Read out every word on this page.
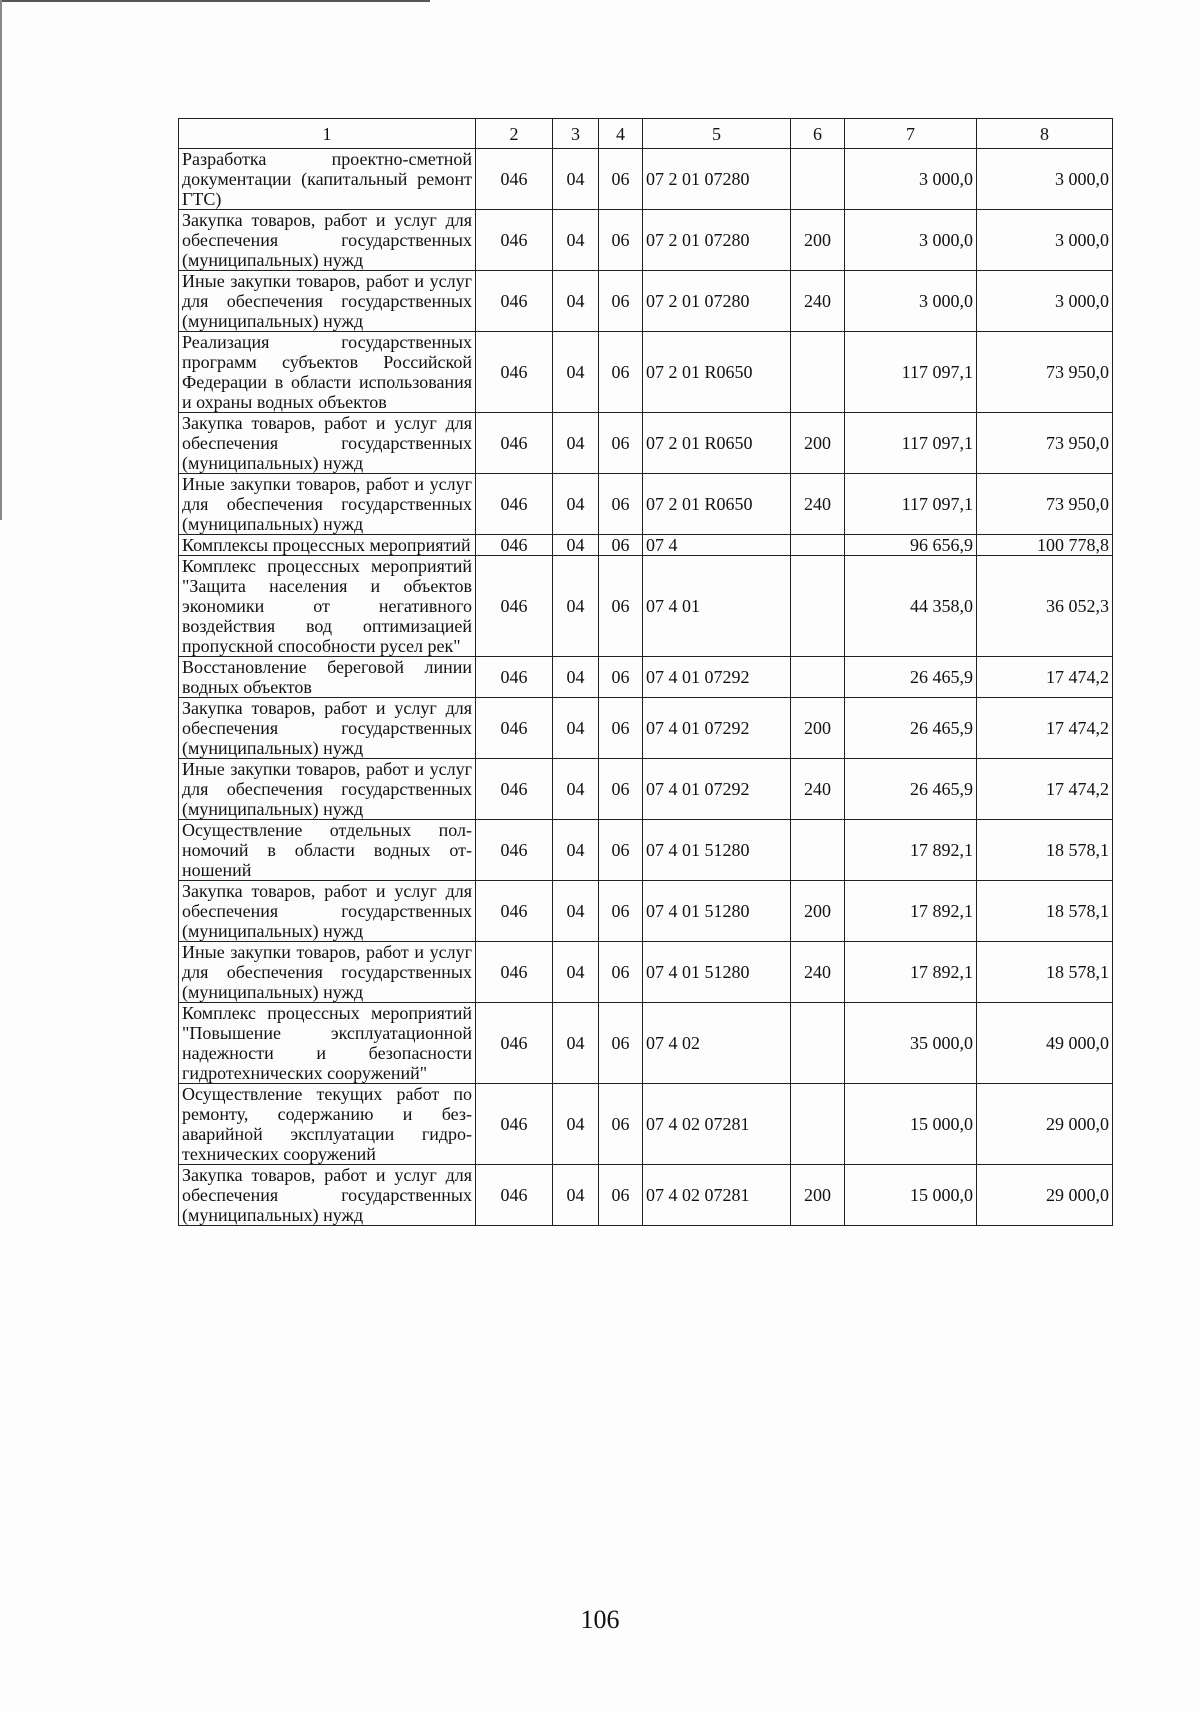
1	2	3	4	5	6	7	8
Разработка проектно-сметной документации (капитальный ремонт ГТС)	046	04	06	07 2 01 07280		3 000,0	3 000,0
Закупка товаров, работ и услуг для обеспечения государственных (муниципальных) нужд	046	04	06	07 2 01 07280	200	3 000,0	3 000,0
Иные закупки товаров, работ и услуг для обеспечения государственных (муниципальных) нужд	046	04	06	07 2 01 07280	240	3 000,0	3 000,0
Реализация государственных программ субъектов Российской Федерации в области использования и охраны водных объектов	046	04	06	07 2 01 R0650		117 097,1	73 950,0
Закупка товаров, работ и услуг для обеспечения государственных (муниципальных) нужд	046	04	06	07 2 01 R0650	200	117 097,1	73 950,0
Иные закупки товаров, работ и услуг для обеспечения государственных (муниципальных) нужд	046	04	06	07 2 01 R0650	240	117 097,1	73 950,0
Комплексы процессных мероприятий	046	04	06	07 4		96 656,9	100 778,8
Комплекс процессных мероприятий "Защита населения и объектов экономики от негативного воздействия вод оптимизацией пропускной способности русел рек"	046	04	06	07 4 01		44 358,0	36 052,3
Восстановление береговой линии водных объектов	046	04	06	07 4 01 07292		26 465,9	17 474,2
Закупка товаров, работ и услуг для обеспечения государственных (муниципальных) нужд	046	04	06	07 4 01 07292	200	26 465,9	17 474,2
Иные закупки товаров, работ и услуг для обеспечения государственных (муниципальных) нужд	046	04	06	07 4 01 07292	240	26 465,9	17 474,2
Осуществление отдельных полномочий в области водных отношений	046	04	06	07 4 01 51280		17 892,1	18 578,1
Закупка товаров, работ и услуг для обеспечения государственных (муниципальных) нужд	046	04	06	07 4 01 51280	200	17 892,1	18 578,1
Иные закупки товаров, работ и услуг для обеспечения государственных (муниципальных) нужд	046	04	06	07 4 01 51280	240	17 892,1	18 578,1
Комплекс процессных мероприятий "Повышение эксплуатационной надежности и безопасности гидротехнических сооружений"	046	04	06	07 4 02		35 000,0	49 000,0
Осуществление текущих работ по ремонту, содержанию и безаварийной эксплуатации гидротехнических сооружений	046	04	06	07 4 02 07281		15 000,0	29 000,0
Закупка товаров, работ и услуг для обеспечения государственных (муниципальных) нужд	046	04	06	07 4 02 07281	200	15 000,0	29 000,0
106
